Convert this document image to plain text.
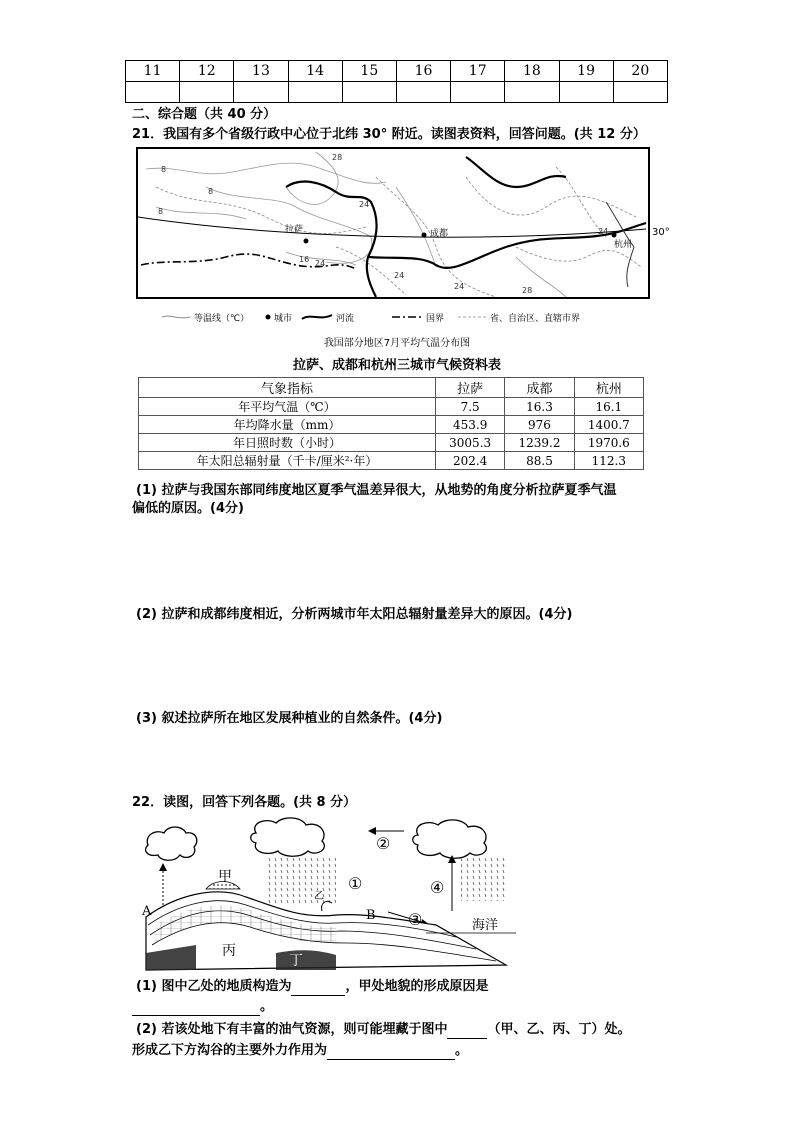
11	12	13	14	15	16	17	18	19	20

二、综合题（共 40 分）
21．我国有多个省级行政中心位于北纬 30° 附近。读图表资料，回答问题。(共 12 分）
拉萨	成都
杭州
28
8
8
8
16 24
24
24
24	28
24	30°
等温线（℃）	城市	河流	国界	省、自治区、直辖市界
我国部分地区7月平均气温分布图
拉萨、成都和杭州三城市气候资料表
气象指标	拉萨	成都	杭州
年平均气温（℃）	7.5	16.3	16.1
年均降水量（mm）	453.9	976	1400.7
年日照时数（小时）	3005.3	1239.2	1970.6
年太阳总辐射量（千卡/厘米²·年）	202.4	88.5	112.3
(1) 拉萨与我国东部同纬度地区夏季气温差异很大，从地势的角度分析拉萨夏季气温
偏低的原因。(4分)
(2) 拉萨和成都纬度相近，分析两城市年太阳总辐射量差异大的原因。(4分)
(3) 叙述拉萨所在地区发展种植业的自然条件。(4分)
22．读图，回答下列各题。(共 8 分）
甲
乙
丙
丁
A	B
①
②
③
④
海洋
(1) 图中乙处的地质构造为	，甲处地貌的形成原因是
。
(2) 若该处地下有丰富的油气资源，则可能埋藏于图中	（甲、乙、丙、丁）处。
形成乙下方沟谷的主要外力作用为	。
